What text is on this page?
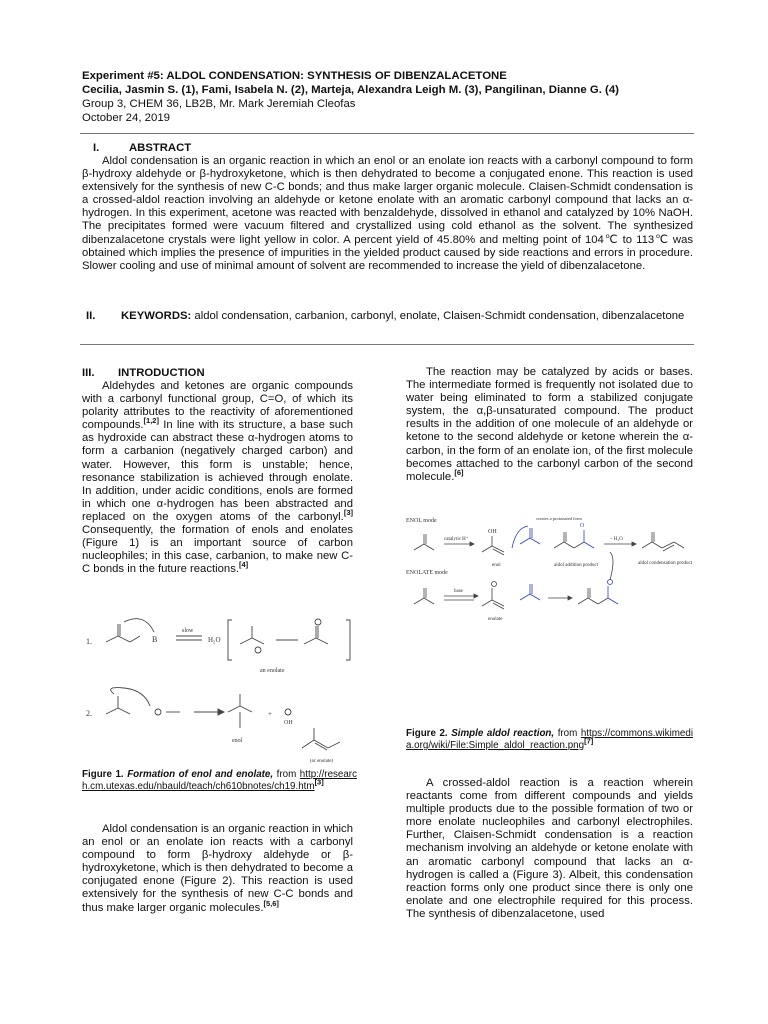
Experiment #5: ALDOL CONDENSATION: SYNTHESIS OF DIBENZALACETONE
Cecilia, Jasmin S. (1), Fami, Isabela N. (2), Marteja, Alexandra Leigh M. (3), Pangilinan, Dianne G. (4)
Group 3, CHEM 36, LB2B, Mr. Mark Jeremiah Cleofas
October 24, 2019
I.	ABSTRACT
Aldol condensation is an organic reaction in which an enol or an enolate ion reacts with a carbonyl compound to form β-hydroxy aldehyde or β-hydroxyketone, which is then dehydrated to become a conjugated enone. This reaction is used extensively for the synthesis of new C-C bonds; and thus make larger organic molecule. Claisen-Schmidt condensation is a crossed-aldol reaction involving an aldehyde or ketone enolate with an aromatic carbonyl compound that lacks an α-hydrogen. In this experiment, acetone was reacted with benzaldehyde, dissolved in ethanol and catalyzed by 10% NaOH. The precipitates formed were vacuum filtered and crystallized using cold ethanol as the solvent. The synthesized dibenzalacetone crystals were light yellow in color. A percent yield of 45.80% and melting point of 104℃ to 113℃ was obtained which implies the presence of impurities in the yielded product caused by side reactions and errors in procedure. Slower cooling and use of minimal amount of solvent are recommended to increase the yield of dibenzalacetone.
II. KEYWORDS: aldol condensation, carbanion, carbonyl, enolate, Claisen-Schmidt condensation, dibenzalacetone
III. INTRODUCTION
Aldehydes and ketones are organic compounds with a carbonyl functional group, C=O, of which its polarity attributes to the reactivity of aforementioned compounds.[1,2] In line with its structure, a base such as hydroxide can abstract these α-hydrogen atoms to form a carbanion (negatively charged carbon) and water. However, this form is unstable; hence, resonance stabilization is achieved through enolate. In addition, under acidic conditions, enols are formed in which one α-hydrogen has been abstracted and replaced on the oxygen atoms of the carbonyl.[3] Consequently, the formation of enols and enolates (Figure 1) is an important source of carbon nucleophiles; in this case, carbanion, to make new C-C bonds in the future reactions.[4]
1.	B
slow
H₂O
an enolate
2.
enol
+
OH
(or enolate)
Figure 1. Formation of enol and enolate, from http://research.cm.utexas.edu/nbauld/teach/ch610bnotes/ch19.htm[3]
Aldol condensation is an organic reaction in which an enol or an enolate ion reacts with a carbonyl compound to form β-hydroxy aldehyde or β-hydroxyketone, which is then dehydrated to become a conjugated enone (Figure 2). This reaction is used extensively for the synthesis of new C-C bonds and thus make larger organic molecules.[5,6]
The reaction may be catalyzed by acids or bases. The intermediate formed is frequently not isolated due to water being eliminated to form a stabilized conjugate system, the α,β-unsaturated compound. The product results in the addition of one molecule of an aldehyde or ketone to the second aldehyde or ketone wherein the α-carbon, in the form of an enolate ion, of the first molecule becomes attached to the carbonyl carbon of the second molecule.[6]
ENOL mode
catalytic H⁺
OH
enol
creates a protonated form
O
aldol addition product
– H₂O
aldol condensation product
ENOLATE mode
base
enolate
Figure 2. Simple aldol reaction, from https://commons.wikimedia.org/wiki/File:Simple_aldol_reaction.png[7]
A crossed-aldol reaction is a reaction wherein reactants come from different compounds and yields multiple products due to the possible formation of two or more enolate nucleophiles and carbonyl electrophiles. Further, Claisen-Schmidt condensation is a reaction mechanism involving an aldehyde or ketone enolate with an aromatic carbonyl compound that lacks an α-hydrogen is called a (Figure 3). Albeit, this condensation reaction forms only one product since there is only one enolate and one electrophile required for this process. The synthesis of dibenzalacetone, used
